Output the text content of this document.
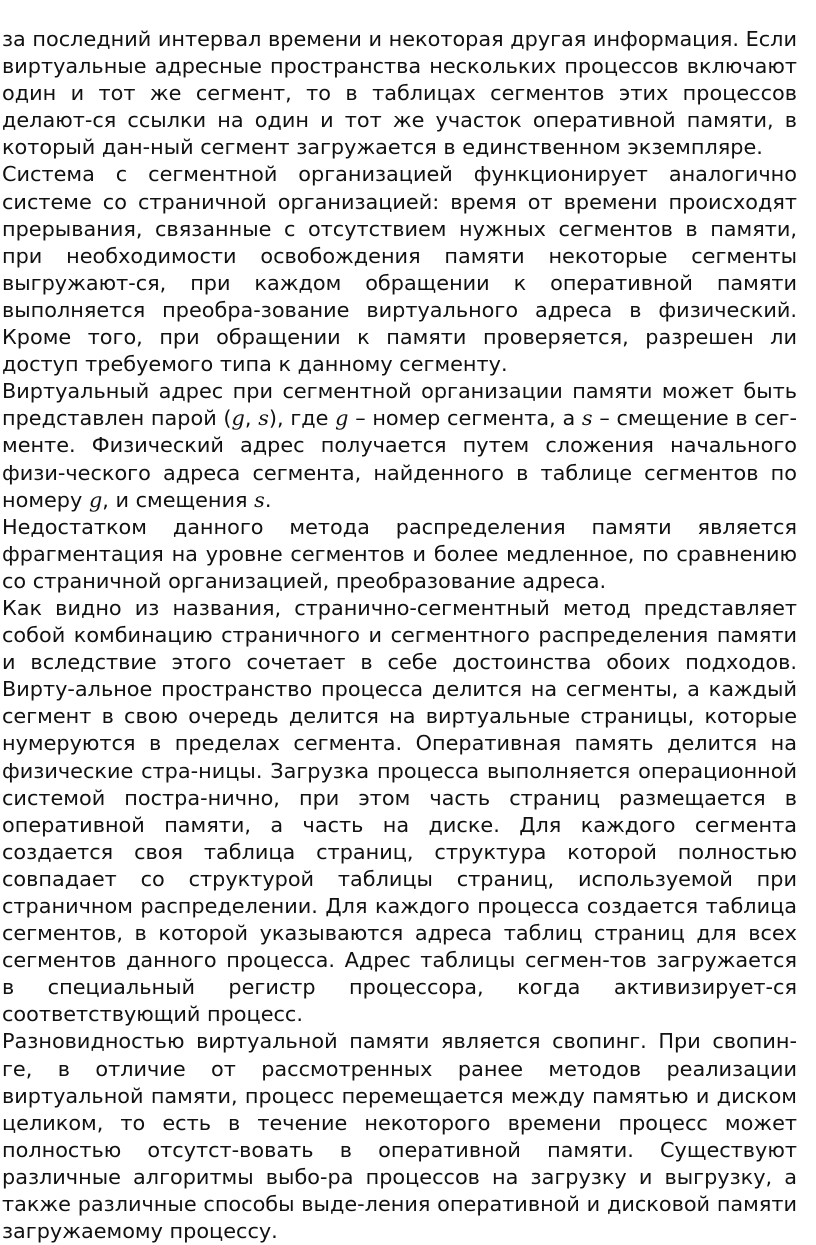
за последний интервал времени и некоторая другая информация. Если виртуальные адресные пространства нескольких процессов включают один и тот же сегмент, то в таблицах сегментов этих процессов делают-ся ссылки на один и тот же участок оперативной памяти, в который дан-ный сегмент загружается в единственном экземпляре.

Система с сегментной организацией функционирует аналогично системе со страничной организацией: время от времени происходят прерывания, связанные с отсутствием нужных сегментов в памяти, при необходимости освобождения памяти некоторые сегменты выгружают-ся, при каждом обращении к оперативной памяти выполняется преобра-зование виртуального адреса в физический. Кроме того, при обращении к памяти проверяется, разрешен ли доступ требуемого типа к данному сегменту.

Виртуальный адрес при сегментной организации памяти может быть представлен парой (g, s), где g – номер сегмента, а s – смещение в сег-менте. Физический адрес получается путем сложения начального физи-ческого адреса сегмента, найденного в таблице сегментов по номеру g, и смещения s.

Недостатком данного метода распределения памяти является фрагментация на уровне сегментов и более медленное, по сравнению со страничной организацией, преобразование адреса.

Как видно из названия, странично-сегментный метод представляет собой комбинацию страничного и сегментного распределения памяти и вследствие этого сочетает в себе достоинства обоих подходов. Вирту-альное пространство процесса делится на сегменты, а каждый сегмент в свою очередь делится на виртуальные страницы, которые нумеруются в пределах сегмента. Оперативная память делится на физические стра-ницы. Загрузка процесса выполняется операционной системой постра-нично, при этом часть страниц размещается в оперативной памяти, а часть на диске. Для каждого сегмента создается своя таблица страниц, структура которой полностью совпадает со структурой таблицы страниц, используемой при страничном распределении. Для каждого процесса создается таблица сегментов, в которой указываются адреса таблиц страниц для всех сегментов данного процесса. Адрес таблицы сегмен-тов загружается в специальный регистр процессора, когда активизирует-ся соответствующий процесс.

Разновидностью виртуальной памяти является свопинг. При свопин- ге, в отличие от рассмотренных ранее методов реализации виртуальной памяти, процесс перемещается между памятью и диском целиком, то есть в течение некоторого времени процесс может полностью отсутст-вовать в оперативной памяти. Существуют различные алгоритмы выбо-ра процессов на загрузку и выгрузку, а также различные способы выде-ления оперативной и дисковой памяти загружаемому процессу.
